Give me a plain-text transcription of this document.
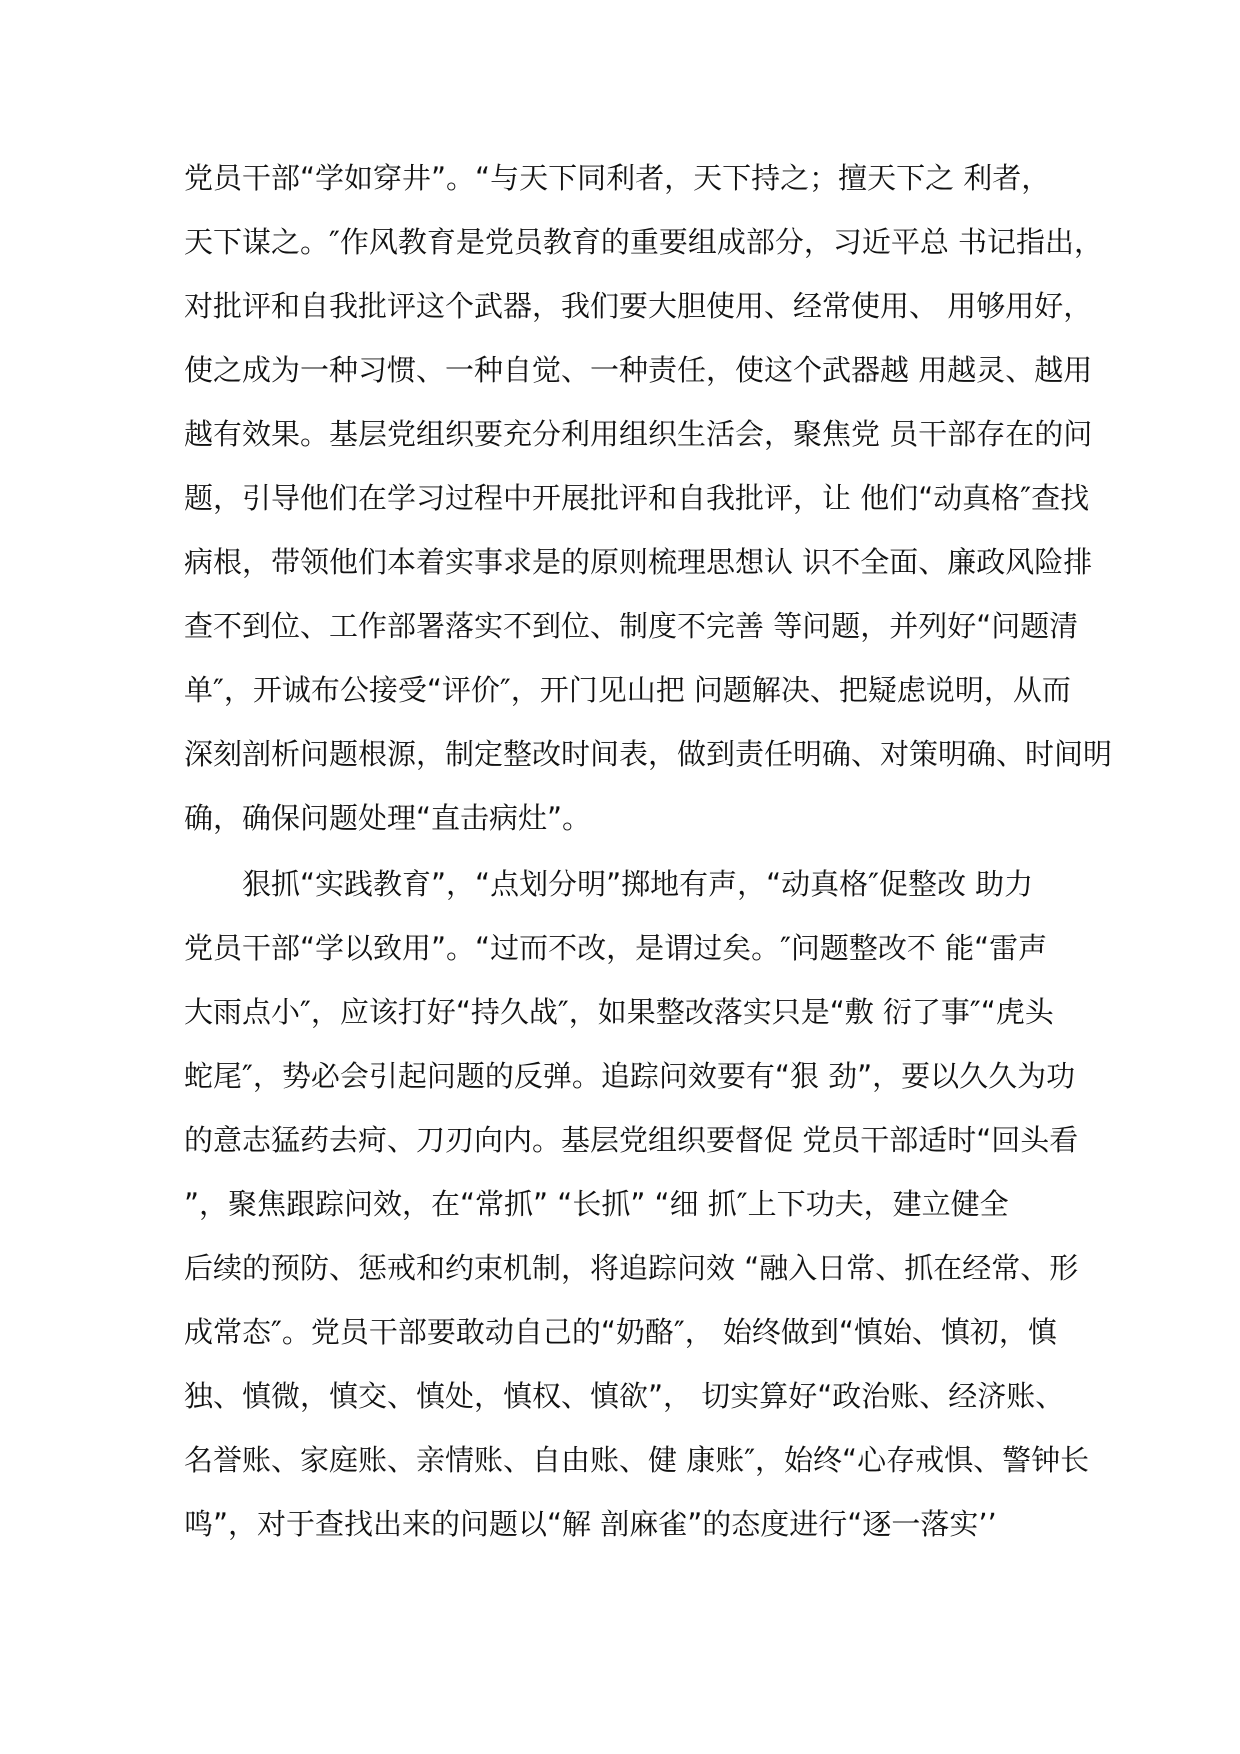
党员干部“学如穿井”。“与天下同利者，天下持之；擅天下之 利者，
天下谋之。″作风教育是党员教育的重要组成部分，习近平总 书记指出，
对批评和自我批评这个武器，我们要大胆使用、经常使用、 用够用好，
使之成为一种习惯、一种自觉、一种责任，使这个武器越 用越灵、越用
越有效果。基层党组织要充分利用组织生活会，聚焦党 员干部存在的问
题，引导他们在学习过程中开展批评和自我批评，让 他们“动真格″查找
病根，带领他们本着实事求是的原则梳理思想认 识不全面、廉政风险排
查不到位、工作部署落实不到位、制度不完善 等问题，并列好“问题清
单″，开诚布公接受“评价″，开门见山把 问题解决、把疑虑说明，从而
深刻剖析问题根源，制定整改时间表，做到责任明确、对策明确、时间明
确，确保问题处理“直击病灶”。
狠抓“实践教育”，“点划分明”掷地有声，“动真格″促整改 助力
党员干部“学以致用”。“过而不改，是谓过矣。″问题整改不 能“雷声
大雨点小″，应该打好“持久战″，如果整改落实只是“敷 衍了事″“虎头
蛇尾″，势必会引起问题的反弹。追踪问效要有“狠 劲”，要以久久为功
的意志猛药去疴、刀刃向内。基层党组织要督促 党员干部适时“回头看
”，聚焦跟踪问效，在“常抓” “长抓” “细 抓″上下功夫，建立健全
后续的预防、惩戒和约束机制，将追踪问效 “融入日常、抓在经常、形
成常态″。党员干部要敢动自己的“奶酪″， 始终做到“慎始、慎初，慎
独、慎微，慎交、慎处，慎权、慎欲”， 切实算好“政治账、经济账、
名誉账、家庭账、亲情账、自由账、健 康账″，始终“心存戒惧、警钟长
鸣”，对于查找出来的问题以“解 剖麻雀”的态度进行“逐一落实’’
